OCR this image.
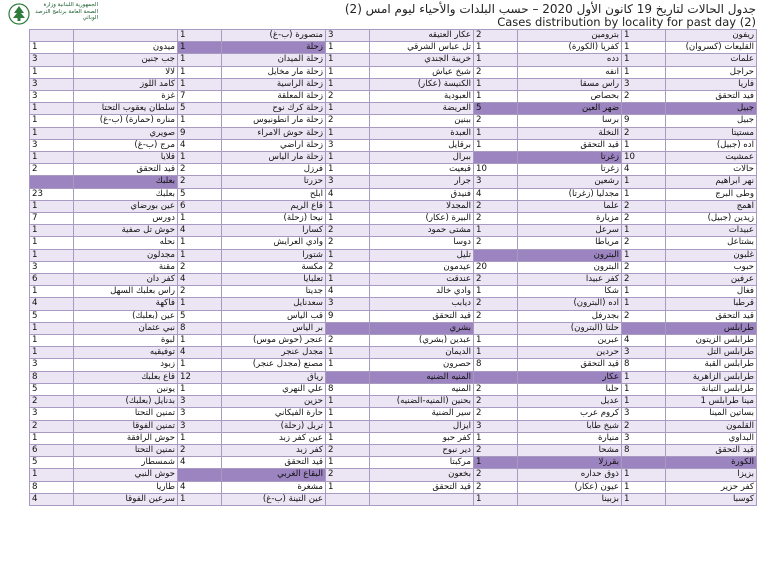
الجمهورية اللبنانية وزارة الصحة العامة برنامج الترصد الوبائي
جدول الحالات لتاريخ 19 كانون الأول 2020 – حسب البلدات والأحياء ليوم امس (2)
Cases distribution by locality for past day (2)
		1	منصورة (ب-غ)	3	عكار العتيقه	2	بترومين	1	ريفون
1	ميدون	1	زحلة	1	تل عباس الشرقي	1	كفريا (الكورة)	1	القليعات (كسروان)
3	جب جنين	1	زحلة الميدان	1	خريبة الجندي	1	دده	1	علمات
1	لالا	1	زحلة مار مخايل	1	شيخ عياش	2	انفه	1	حراجل
3	كامد اللوز	1	زحلة الراسية	1	الكنيسة (عكار)	1	راس مسقا	3	فاريا
3	غزة	7	زحلة المعلقة	2	العبودية	1	بحصاص	2	فيد التحقق
1	سلطان يعقوب التحتا	5	زحلة كرك نوح	1	العريضة	5	ضهر العين		جبيل
1	مناره (حمارة) (ب-غ)	1	زحلة مار انطونيوس	2	ببنين	2	برسا	9	جبيل
1	صويري	9	زحلة حوش الامراء	1	العبدة	1	النخلة	2	مستيتا
3	مرج (ب-غ)	4	زحلة أراضي	3	برقايل	1	قيد التحقق	1	اده (جبيل)
1	قلايا	1	زحلة مار الياس	1	ببرال		زغرتا	10	عمشيت
2	قيد التحقق	2	فرزل	1	قبعيت	10	زغرتا	4	حالات
	بعلبك	2	حزرتا	3	جرار	3	رشعين	1	نهر ابراهيم
23	بعلبك	5	ابلح	4	فنيدق	4	مجدليا (زغرتا)	1	وطى البرج
1	عين بورضاي	6	قاع الريم	1	المجدلا	2	علما	2	اهمج
7	دورس	1	نيحا (زحلة)	1	البيرة (عكار)	2	مزيارة	2	زيدين (جبيل)
1	حوش تل صفية	4	كسارا	2	مشتى حمود	1	سرعل	1	عبيدات
1	نحله	1	وادي العرايش	2	دوسا	2	مرياطا	2	بشتاعل
1	مجدلون	1	شتورا	1	تليل		البترون	1	غلبون
3	مقنة	2	مكسة	2	عيدمون	20	البترون	2	حبوب
6	كفر دان	4	تعلبايا	1	عندقت	2	كفر عبيدا	2	عرفين
1	راس بعلبك السهل	2	جديتا	4	وادي خالد	1	شكا	1	فغال
4	فاكهة	1	سعدنايل	3	ديابب	2	اده (البترون)	1	قرطبا
5	عين (بعلبك)	5	قب الياس	9	قيد التحقق	2	بجدرفل	2	قيد التحقق
1	نبي عثمان	8	بر الياس		بشري		حلتا (البترون)		طرابلس
1	لبوة	1	عنجر (حوش موس)	2	عبدين (بشري)	1	عبرين	4	طرابلس الزيتون
1	توفيقيه	4	مجدل عنجر	1	الديمان	1	حردين	3	طرابلس التل
3	زبود	1	مصنع (مجدل عنجر)	1	حصرون	8	قيد التحقق	8	طرابلس القبة
8	قاع بعلبك	12	رياق		المنيه الضنيه		عكار	1	طرابلس الزاهرية
5	يونين	1	علي النهري	8	المنيه	2	حلبا	1	طرابلس التبانة
2	بدنايل (بعلبك)	3	حزين	1	بحنين (المنيه-الضنيه)	2	عديل	1	مينا طرابلس 1
3	تمنين التحتا	3	حارة الفيكاني	1	سير الضنية	2	كروم عرب	3	بساتين المينا
2	تمنين الفوقا	3	تربل (زحلة)	1	ايزال	3	شيخ طابا	2	القلمون
1	حوش الرافقة	1	عين كفر زبد	1	كفر حبو	1	منيارة	3	البداوي
6	نمنين التحتا	2	كفر زبد	2	دير نبوح	2	مشحا	8	قيد التحقق
5	شمسطار	4	قيد التحقق	1	مركبتا	1	بقرزلا		الكورة
1	حوش النبي		البقاع الغربي	2	بخعون	2	ذوق حداره	1	بزيزا
8	طاريا	4	مشغرة	1	قيد التحقق	2	عيون (عكار)	1	كفر حزير
4	سرعين الفوقا	1	عين التينة (ب-غ)			1	بزبينا	1	كوسبا
